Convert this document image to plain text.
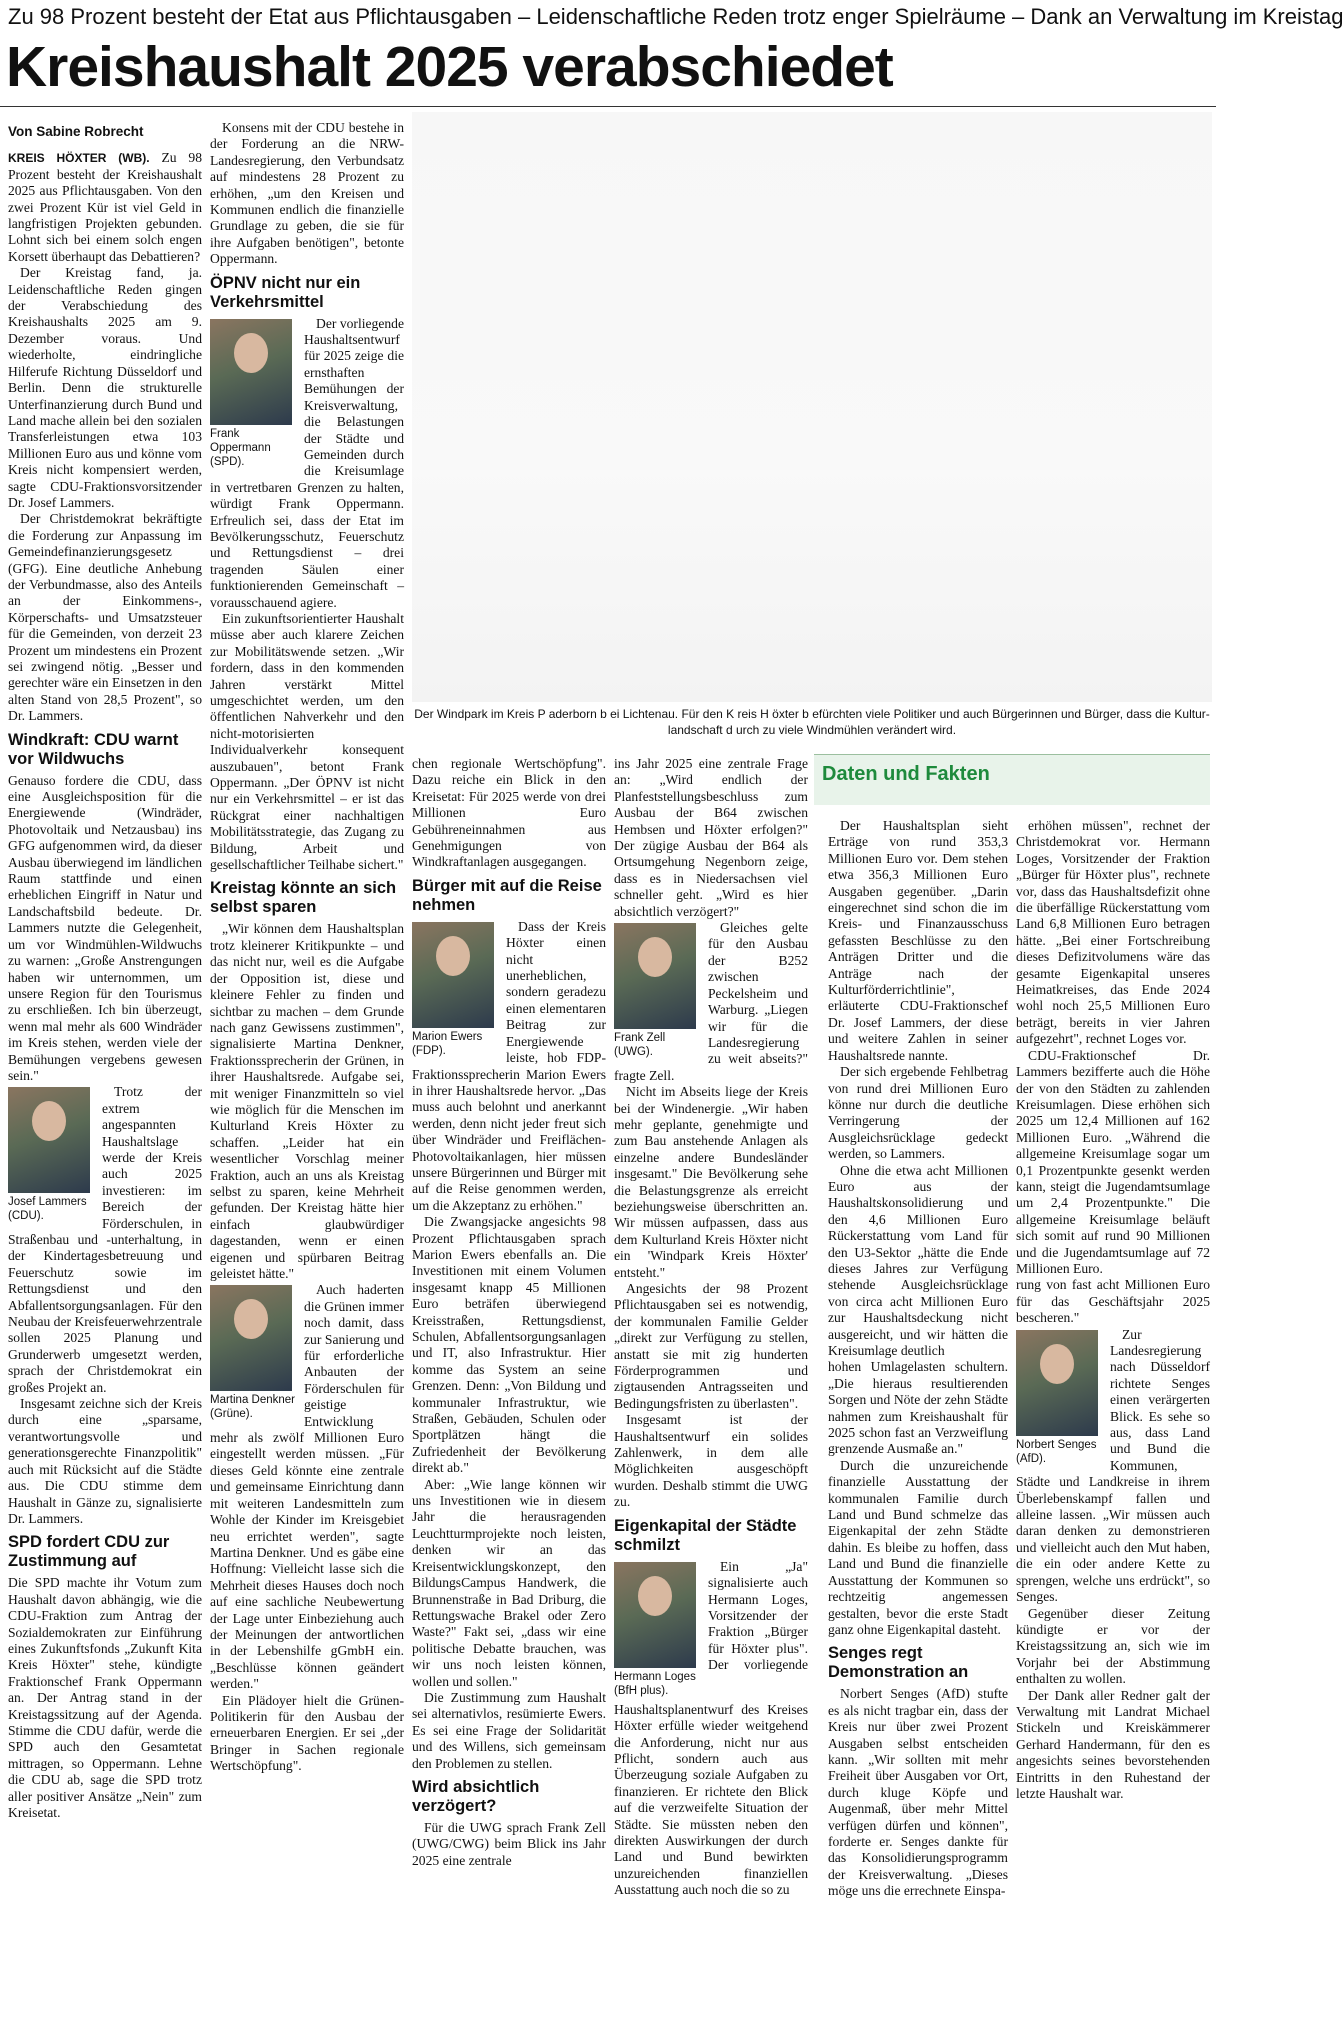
Zu 98 Prozent besteht der Etat aus Pflichtausgaben – Leidenschaftliche Reden trotz enger Spielräume – Dank an Verwaltung im Kreistag
Kreishaushalt 2025 verabschiedet
Von Sabine Robrecht

KREIS HÖXTER (WB). Zu 98 Prozent besteht der Kreishaushalt 2025 aus Pflichtausgaben. Von den zwei Prozent Kür ist viel Geld in langfristigen Projekten gebunden. Lohnt sich bei einem solch engen Korsett überhaupt das Debattieren?

Der Kreistag fand, ja. Leidenschaftliche Reden gingen der Verabschiedung des Kreishaushalts 2025 am 9. Dezember voraus. Und wiederholte, eindringliche Hilferufe Richtung Düsseldorf und Berlin. Denn die strukturelle Unterfinanzierung durch Bund und Land mache allein bei den sozialen Transferleistungen etwa 103 Millionen Euro aus und könne vom Kreis nicht kompensiert werden, sagte CDU-Fraktionsvorsitzender Dr. Josef Lammers.

Der Christdemokrat bekräftigte die Forderung zur Anpassung im Gemeindefinanzierungsgesetz (GFG). Eine deutliche Anhebung der Verbundmasse, also des Anteils an der Einkommens-, Körperschafts- und Umsatzsteuer für die Gemeinden, von derzeit 23 Prozent um mindestens ein Prozent sei zwingend nötig. „Besser und gerechter wäre ein Einsetzen in den alten Stand von 28,5 Prozent", so Dr. Lammers.

Windkraft: CDU warnt vor Wildwuchs

Genauso fordere die CDU, dass eine Ausgleichsposition für die Energiewende (Windräder, Photovoltaik und Netzausbau) ins GFG aufgenommen wird, da dieser Ausbau überwiegend im ländlichen Raum stattfinde und einen erheblichen Eingriff in Natur und Landschaftsbild bedeute. Dr. Lammers nutzte die Gelegenheit, um vor Windmühlen-Wildwuchs zu warnen: „Große Anstrengungen haben wir unternommen, um unsere Region für den Tourismus zu erschließen. Ich bin überzeugt, wenn mal mehr als 600 Windräder im Kreis stehen, werden viele der Bemühungen vergebens gewesen sein."

Josef Lammers (CDU).

Trotz der extrem angespannten Haushaltslage werde der Kreis auch 2025 investieren: im Bereich der Förderschulen, in Straßenbau und -unterhaltung, in der Kindertagesbetreuung und Feuerschutz sowie im Rettungsdienst und den Abfallentsorgungsanlagen. Für den Neubau der Kreisfeuerwehrzentrale sollen 2025 Planung und Grunderwerb umgesetzt werden, sprach der Christdemokrat ein großes Projekt an.

Insgesamt zeichne sich der Kreis durch eine „sparsame, verantwortungsvolle und generationsgerechte Finanzpolitik" auch mit Rücksicht auf die Städte aus. Die CDU stimme dem Haushalt in Gänze zu, signalisierte Dr. Lammers.

SPD fordert CDU zur Zustimmung auf

Die SPD machte ihr Votum zum Haushalt davon abhängig, wie die CDU-Fraktion zum Antrag der Sozialdemokraten zur Einführung eines Zukunftsfonds „Zukunft Kita Kreis Höxter" stehe, kündigte Fraktionschef Frank Oppermann an. Der Antrag stand in der Kreistagssitzung auf der Agenda. Stimme die CDU dafür, werde die SPD auch den Gesamtetat mittragen, so Oppermann. Lehne die CDU ab, sage die SPD trotz aller positiver Ansätze „Nein" zum Kreisetat.

Konsens mit der CDU bestehe in der Forderung an die NRW-Landesregierung, den Verbundsatz auf mindestens 28 Prozent zu erhöhen, „um den Kreisen und Kommunen endlich die finanzielle Grundlage zu geben, die sie für ihre Aufgaben benötigen", betonte Oppermann.

ÖPNV nicht nur ein Verkehrsmittel
Frank Oppermann (SPD).

Der vorliegende Haushaltsentwurf für 2025 zeige die ernsthaften Bemühungen der Kreisverwaltung, die Belastungen der Städte und Gemeinden durch die Kreisumlage in vertretbaren Grenzen zu halten, würdigt Frank Oppermann. Erfreulich sei, dass der Etat im Bevölkerungsschutz, Feuerschutz und Rettungsdienst – drei tragenden Säulen einer funktionierenden Gemeinschaft – vorausschauend agiere.

Ein zukunftsorientierter Haushalt müsse aber auch klarere Zeichen zur Mobilitätswende setzen. „Wir fordern, dass in den kommenden Jahren verstärkt Mittel umgeschichtet werden, um den öffentlichen Nahverkehr und den nicht-motorisierten Individualverkehr konsequent auszubauen", betont Frank Oppermann. „Der ÖPNV ist nicht nur ein Verkehrsmittel – er ist das Rückgrat einer nachhaltigen Mobilitätsstrategie, das Zugang zu Bildung, Arbeit und gesellschaftlicher Teilhabe sichert."

Kreistag könnte an sich selbst sparen

„Wir können dem Haushaltsplan trotz kleinerer Kritikpunkte – und das nicht nur, weil es die Aufgabe der Opposition ist, diese und kleinere Fehler zu finden und sichtbar zu machen – dem Grunde nach ganz Gewissens zustimmen", signalisierte Martina Denkner, Fraktionssprecherin der Grünen, in ihrer Haushaltsrede. Aufgabe sei, mit weniger Finanzmitteln so viel wie möglich für die Menschen im Kulturland Kreis Höxter zu schaffen. „Leider hat ein wesentlicher Vorschlag meiner Fraktion, auch an uns als Kreistag selbst zu sparen, keine Mehrheit gefunden. Der Kreistag hätte hier einfach glaubwürdiger dagestanden, wenn er einen eigenen und spürbaren Beitrag geleistet hätte."

Martina Denkner (Grüne).

Auch haderten die Grünen immer noch damit, dass zur Sanierung und für erforderliche Anbauten der Förderschulen für geistige Entwicklung mehr als zwölf Millionen Euro eingestellt werden müssen. „Für dieses Geld könnte eine zentrale und gemeinsame Einrichtung dann mit weiteren Landesmitteln zum Wohle der Kinder im Kreisgebiet neu errichtet werden", sagte Martina Denkner. Und es gäbe eine Hoffnung: Vielleicht lasse sich die Mehrheit dieses Hauses doch noch auf eine sachliche Neubewertung der Lage unter Einbeziehung auch der Meinungen der antwortlichen in der Lebenshilfe gGmbH ein. „Beschlüsse können geändert werden."

Ein Plädoyer hielt die Grünen-Politikerin für den Ausbau der erneuerbaren Energien. Er sei „der Bringer in Sachen regionale Wertschöpfung".

Der Windpark im Kreis P aderborn b ei Lichtenau. Für den K reis H öxter b efürchten viele Politiker und auch Bürgerinnen und Bürger, dass die Kultur-landschaft d urch zu viele Windmühlen verändert wird.

chen regionale Wertschöpfung". Dazu reiche ein Blick in den Kreisetat: Für 2025 werde von drei Millionen Euro Gebühreneinnahmen aus Genehmigungen von Windkraftanlagen ausgegangen.

Bürger mit auf die Reise nehmen
Marion Ewers (FDP).

Dass der Kreis Höxter einen nicht unerheblichen, sondern geradezu einen elementaren Beitrag zur Energiewende leiste, hob FDP-Fraktionssprecherin Marion Ewers in ihrer Haushaltsrede hervor. „Das muss auch belohnt und anerkannt werden, denn nicht jeder freut sich über Windräder und Freiflächen-Photovoltaikanlagen, hier müssen unsere Bürgerinnen und Bürger mit auf die Reise genommen werden, um die Akzeptanz zu erhöhen."

Die Zwangsjacke angesichts 98 Prozent Pflichtausgaben sprach Marion Ewers ebenfalls an. Die Investitionen mit einem Volumen insgesamt knapp 45 Millionen Euro beträfen überwiegend Kreisstraßen, Rettungsdienst, Schulen, Abfallentsorgungsanlagen und IT, also Infrastruktur. Hier komme das System an seine Grenzen. Denn: „Von Bildung und kommunaler Infrastruktur, wie Straßen, Gebäuden, Schulen oder Sportplätzen hängt die Zufriedenheit der Bevölkerung direkt ab."

Aber: „Wie lange können wir uns Investitionen wie in diesem Jahr die herausragenden Leuchtturmprojekte noch leisten, denken wir an das Kreisentwicklungskonzept, den BildungsCampus Handwerk, die Brunnenstraße in Bad Driburg, die Rettungswache Brakel oder Zero Waste?" Fakt sei, „dass wir eine politische Debatte brauchen, was wir uns noch leisten können, wollen und sollen."

Die Zustimmung zum Haushalt sei alternativlos, resümierte Ewers. Es sei eine Frage der Solidarität und des Willens, sich gemeinsam den Problemen zu stellen.

Wird absichtlich verzögert?

Für die UWG sprach Frank Zell (UWG/CWG) beim Blick ins Jahr 2025 eine zentrale

ins Jahr 2025 eine zentrale Frage an: „Wird endlich der Planfeststellungsbeschluss zum Ausbau der B64 zwischen Hembsen und Höxter erfolgen?" Der zügige Ausbau der B64 als Ortsumgehung Negenborn zeige, dass es in Niedersachsen viel schneller geht. „Wird es hier absichtlich verzögert?"

Frank Zell (UWG).

Gleiches gelte für den Ausbau der B252 zwischen Peckelsheim und Warburg. „Liegen wir für die Landesregierung zu weit abseits?" fragte Zell.

Nicht im Abseits liege der Kreis bei der Windenergie. „Wir haben mehr geplante, genehmigte und zum Bau anstehende Anlagen als einzelne andere Bundesländer insgesamt." Die Bevölkerung sehe die Belastungsgrenze als erreicht beziehungsweise überschritten an. Wir müssen aufpassen, dass aus dem Kulturland Kreis Höxter nicht ein 'Windpark Kreis Höxter' entsteht."

Angesichts der 98 Prozent Pflichtausgaben sei es notwendig, der kommunalen Familie Gelder „direkt zur Verfügung zu stellen, anstatt sie mit zig hunderten Förderprogrammen und zigtausenden Antragsseiten und Bedingungsfristen zu überlasten".

Insgesamt ist der Haushaltsentwurf ein solides Zahlenwerk, in dem alle Möglichkeiten ausgeschöpft wurden. Deshalb stimmt die UWG zu.

Eigenkapital der Städte schmilzt
Hermann Loges (BfH plus).

Ein „Ja" signalisierte auch Hermann Loges, Vorsitzender der Fraktion „Bürger für Höxter plus". Der vorliegende Haushaltsplanentwurf des Kreises Höxter erfülle wieder weitgehend die Anforderung, nicht nur aus Pflicht, sondern auch aus Überzeugung soziale Aufgaben zu finanzieren. Er richtete den Blick auf die verzweifelte Situation der Städte. Sie müssten neben den direkten Auswirkungen der durch Land und Bund bewirkten unzureichenden finanziellen Ausstattung auch noch die so zu

Daten und Fakten

Der Haushaltsplan sieht Erträge von rund 353,3 Millionen Euro vor. Dem stehen etwa 356,3 Millionen Euro Ausgaben gegenüber. „Darin eingerechnet sind schon die im Kreis- und Finanzausschuss gefassten Beschlüsse zu den Anträgen Dritter und die Anträge nach der Kulturförderrichtlinie", erläuterte CDU-Fraktionschef Dr. Josef Lammers, der diese und weitere Zahlen in seiner Haushaltsrede nannte.

Der sich ergebende Fehlbetrag von rund drei Millionen Euro könne nur durch die deutliche Verringerung der Ausgleichsrücklage gedeckt werden, so Lammers.

Ohne die etwa acht Millionen Euro aus der Haushaltskonsolidierung und den 4,6 Millionen Euro Rückerstattung vom Land für den U3-Sektor „hätte die Ende dieses Jahres zur Verfügung stehende Ausgleichsrücklage von circa acht Millionen Euro zur Haushaltsdeckung nicht ausgereicht, und wir hätten die Kreisumlage deutlich

hohen Umlagelasten schultern. „Die hieraus resultierenden Sorgen und Nöte der zehn Städte nahmen zum Kreishaushalt für 2025 schon fast an Verzweiflung grenzende Ausmaße an."

Durch die unzureichende finanzielle Ausstattung der kommunalen Familie durch Land und Bund schmelze das Eigenkapital der zehn Städte dahin. Es bleibe zu hoffen, dass Land und Bund die finanzielle Ausstattung der Kommunen so rechtzeitig angemessen gestalten, bevor die erste Stadt ganz ohne Eigenkapital dasteht.

Senges regt Demonstration an

Norbert Senges (AfD) stufte es als nicht tragbar ein, dass der Kreis nur über zwei Prozent Ausgaben selbst entscheiden kann. „Wir sollten mit mehr Freiheit über Ausgaben vor Ort, durch kluge Köpfe und Augenmaß, über mehr Mittel verfügen dürfen und können", forderte er. Senges dankte für das Konsolidierungsprogramm der Kreisverwaltung. „Dieses möge uns die errechnete Einspa-

erhöhen müssen", rechnet der Christdemokrat vor. Hermann Loges, Vorsitzender der Fraktion „Bürger für Höxter plus", rechnete vor, dass das Haushaltsdefizit ohne die überfällige Rückerstattung vom Land 6,8 Millionen Euro betragen hätte. „Bei einer Fortschreibung dieses Defizitvolumens wäre das gesamte Eigenkapital unseres Heimatkreises, das Ende 2024 wohl noch 25,5 Millionen Euro beträgt, bereits in vier Jahren aufgezehrt", rechnet Loges vor.

CDU-Fraktionschef Dr. Lammers bezifferte auch die Höhe der von den Städten zu zahlenden Kreisumlagen. Diese erhöhen sich 2025 um 12,4 Millionen auf 162 Millionen Euro. „Während die allgemeine Kreisumlage sogar um 0,1 Prozentpunkte gesenkt werden kann, steigt die Jugendamtsumlage um 2,4 Prozentpunkte." Die allgemeine Kreisumlage beläuft sich somit auf rund 90 Millionen und die Jugendamtsumlage auf 72 Millionen Euro.

rung von fast acht Millionen Euro für das Geschäftsjahr 2025 bescheren."

Norbert Senges (AfD).

Zur Landesregierung nach Düsseldorf richtete Senges einen verärgerten Blick. Es sehe so aus, dass Land und Bund die Kommunen, Städte und Landkreise in ihrem Überlebenskampf fallen und alleine lassen. „Wir müssen auch daran denken zu demonstrieren und vielleicht auch den Mut haben, die ein oder andere Kette zu sprengen, welche uns erdrückt", so Senges.

Gegenüber dieser Zeitung kündigte er vor der Kreistagssitzung an, sich wie im Vorjahr bei der Abstimmung enthalten zu wollen.

Der Dank aller Redner galt der Verwaltung mit Landrat Michael Stickeln und Kreiskämmerer Gerhard Handermann, für den es angesichts seines bevorstehenden Eintritts in den Ruhestand der letzte Haushalt war.
